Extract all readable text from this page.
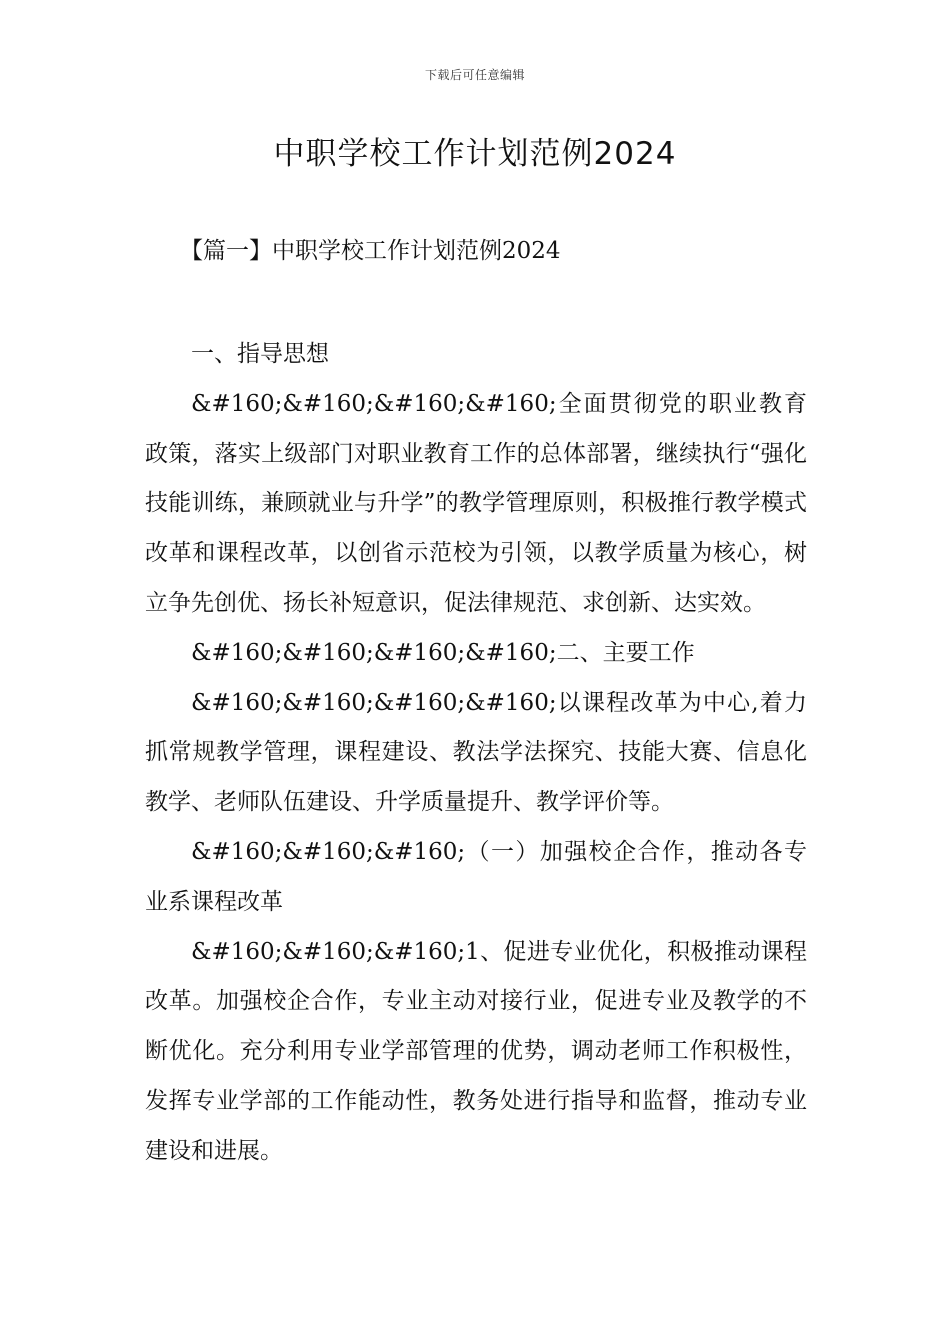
下载后可任意编辑
中职学校工作计划范例2024
【篇一】中职学校工作计划范例2024

一、指导思想

&#160;&#160;&#160;&#160;全面贯彻党的职业教育政策，落实上级部门对职业教育工作的总体部署，继续执行“强化技能训练，兼顾就业与升学”的教学管理原则，积极推行教学模式改革和课程改革，以创省示范校为引领，以教学质量为核心，树立争先创优、扬长补短意识，促法律规范、求创新、达实效。

&#160;&#160;&#160;&#160;二、主要工作

&#160;&#160;&#160;&#160;以课程改革为中心,着力抓常规教学管理，课程建设、教法学法探究、技能大赛、信息化教学、老师队伍建设、升学质量提升、教学评价等。

&#160;&#160;&#160;（一）加强校企合作，推动各专业系课程改革

&#160;&#160;&#160;1、促进专业优化，积极推动课程改革。加强校企合作，专业主动对接行业，促进专业及教学的不断优化。充分利用专业学部管理的优势，调动老师工作积极性，发挥专业学部的工作能动性，教务处进行指导和监督，推动专业建设和进展。
